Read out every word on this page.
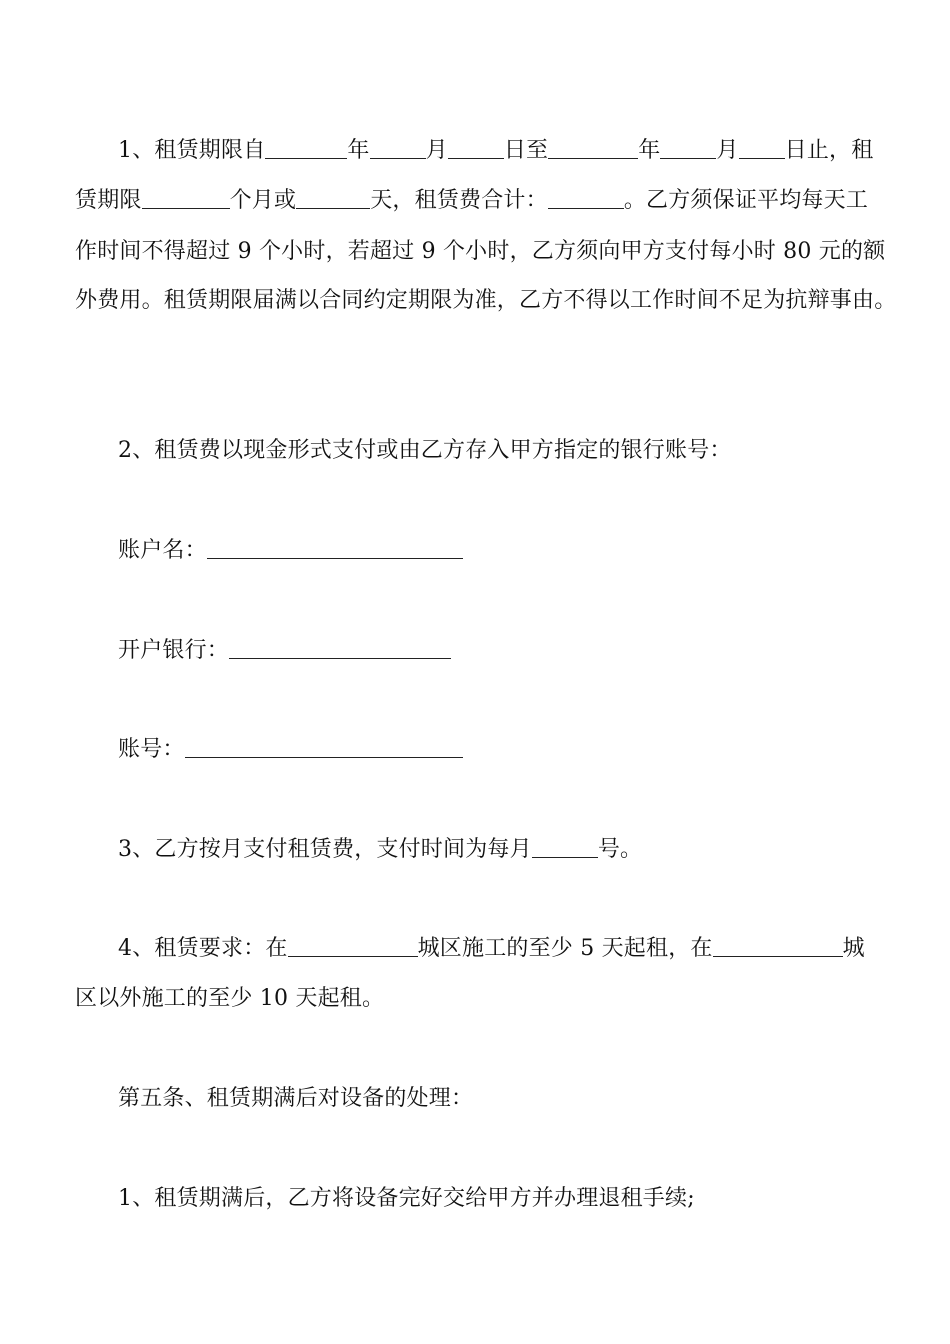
1、租赁期限自	年	月	日至	年	月 日止，租
赁期限	个月或	天，租赁费合计：	。乙方须保证平均每天工
作时间不得超过 9 个小时，若超过 9 个小时，乙方须向甲方支付每小时 80 元的额
外费用。租赁期限届满以合同约定期限为准，乙方不得以工作时间不足为抗辩事由。
2、租赁费以现金形式支付或由乙方存入甲方指定的银行账号：
账户名：
开户银行：
账号：
3、乙方按月支付租赁费，支付时间为每月	号。
4、租赁要求：在	城区施工的至少 5 天起租，在	城
区以外施工的至少 10 天起租。
第五条、租赁期满后对设备的处理：
1、租赁期满后，乙方将设备完好交给甲方并办理退租手续;
